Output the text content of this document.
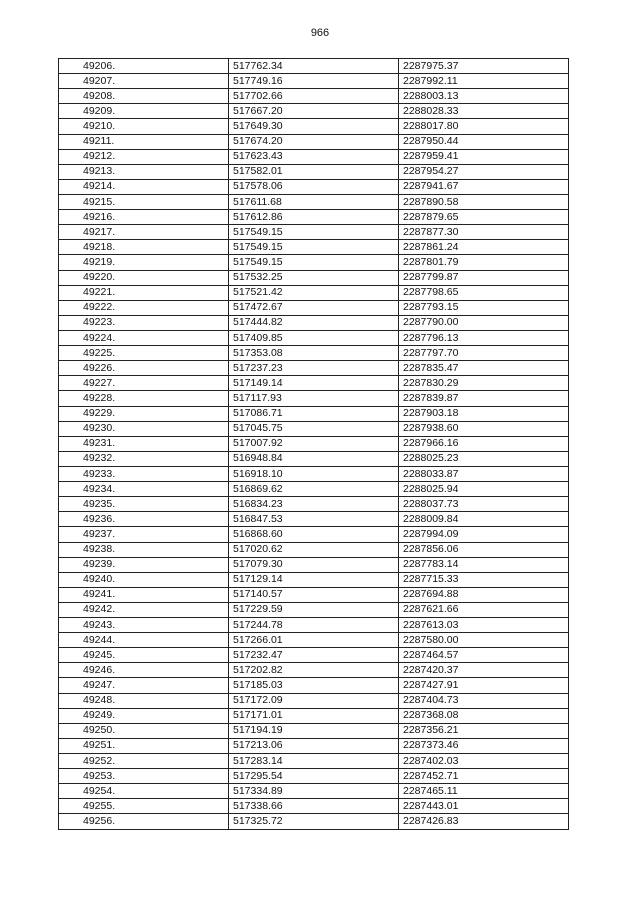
966
49206.	517762.34	2287975.37
49207.	517749.16	2287992.11
49208.	517702.66	2288003.13
49209.	517667.20	2288028.33
49210.	517649.30	2288017.80
49211.	517674.20	2287950.44
49212.	517623.43	2287959.41
49213.	517582.01	2287954.27
49214.	517578.06	2287941.67
49215.	517611.68	2287890.58
49216.	517612.86	2287879.65
49217.	517549.15	2287877.30
49218.	517549.15	2287861.24
49219.	517549.15	2287801.79
49220.	517532.25	2287799.87
49221.	517521.42	2287798.65
49222.	517472.67	2287793.15
49223.	517444.82	2287790.00
49224.	517409.85	2287796.13
49225.	517353.08	2287797.70
49226.	517237.23	2287835.47
49227.	517149.14	2287830.29
49228.	517117.93	2287839.87
49229.	517086.71	2287903.18
49230.	517045.75	2287938.60
49231.	517007.92	2287966.16
49232.	516948.84	2288025.23
49233.	516918.10	2288033.87
49234.	516869.62	2288025.94
49235.	516834.23	2288037.73
49236.	516847.53	2288009.84
49237.	516868.60	2287994.09
49238.	517020.62	2287856.06
49239.	517079.30	2287783.14
49240.	517129.14	2287715.33
49241.	517140.57	2287694.88
49242.	517229.59	2287621.66
49243.	517244.78	2287613.03
49244.	517266.01	2287580.00
49245.	517232.47	2287464.57
49246.	517202.82	2287420.37
49247.	517185.03	2287427.91
49248.	517172.09	2287404.73
49249.	517171.01	2287368.08
49250.	517194.19	2287356.21
49251.	517213.06	2287373.46
49252.	517283.14	2287402.03
49253.	517295.54	2287452.71
49254.	517334.89	2287465.11
49255.	517338.66	2287443.01
49256.	517325.72	2287426.83
